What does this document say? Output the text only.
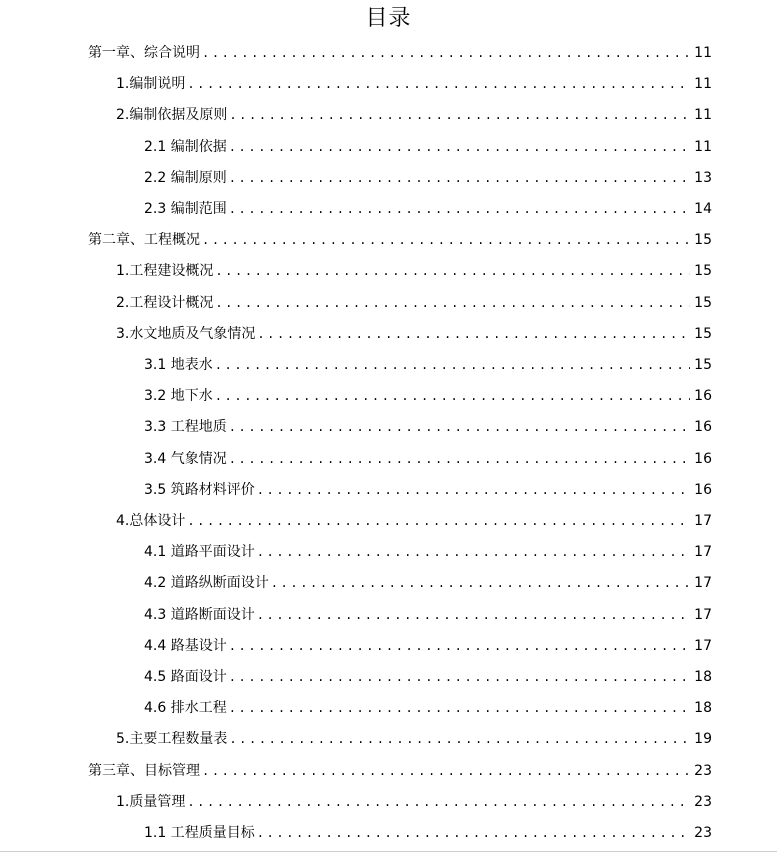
目录
第一章、综合说明 .....	11
1.编制说明 .....	11
2.编制依据及原则 .....	11
2.1 编制依据 .....	11
2.2 编制原则 .....	13
2.3 编制范围 .....	14
第二章、工程概况 .....	15
1.工程建设概况 .....	15
2.工程设计概况 .....	15
3.水文地质及气象情况 .....	15
3.1 地表水 .....	15
3.2 地下水 .....	16
3.3 工程地质 .....	16
3.4 气象情况 .....	16
3.5 筑路材料评价 .....	16
4.总体设计 .....	17
4.1 道路平面设计 .....	17
4.2 道路纵断面设计 .....	17
4.3 道路断面设计 .....	17
4.4 路基设计 .....	17
4.5 路面设计 .....	18
4.6 排水工程 .....	18
5.主要工程数量表 .....	19
第三章、目标管理 .....	23
1.质量管理 .....	23
1.1 工程质量目标 .....	23
